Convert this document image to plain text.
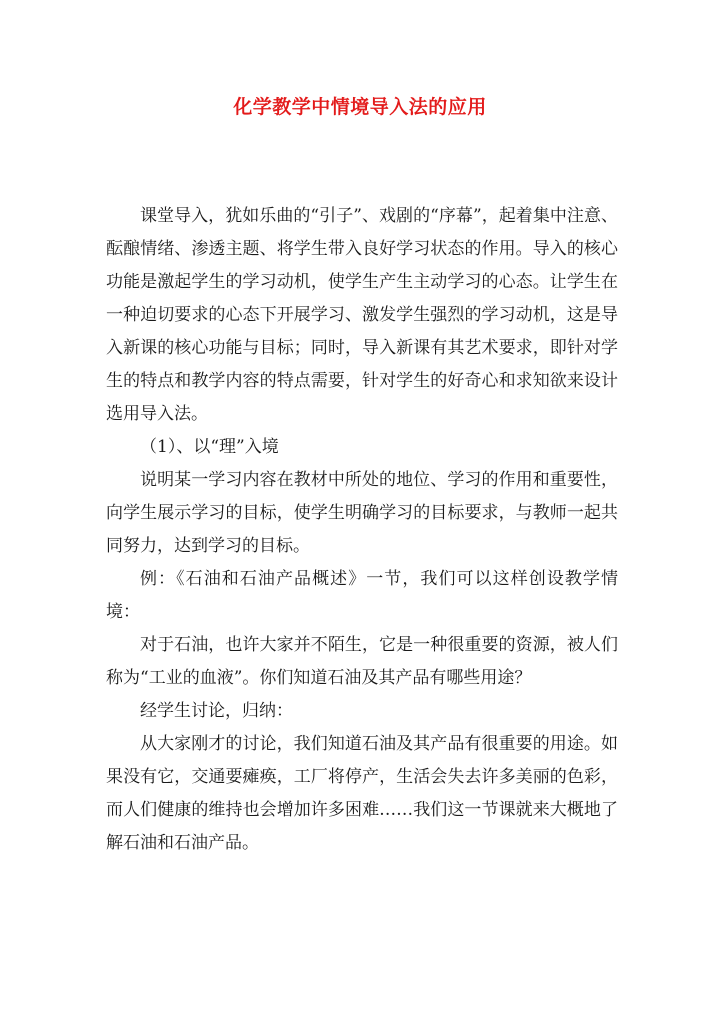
化学教学中情境导入法的应用

课堂导入，犹如乐曲的“引子”、戏剧的“序幕”，起着集中注意、酝酿情绪、渗透主题、将学生带入良好学习状态的作用。导入的核心功能是激起学生的学习动机，使学生产生主动学习的心态。让学生在一种迫切要求的心态下开展学习、激发学生强烈的学习动机，这是导入新课的核心功能与目标；同时，导入新课有其艺术要求，即针对学生的特点和教学内容的特点需要，针对学生的好奇心和求知欲来设计选用导入法。

（1）、以“理”入境

说明某一学习内容在教材中所处的地位、学习的作用和重要性，向学生展示学习的目标，使学生明确学习的目标要求，与教师一起共同努力，达到学习的目标。

例：《石油和石油产品概述》一节，我们可以这样创设教学情境：

对于石油，也许大家并不陌生，它是一种很重要的资源，被人们称为“工业的血液”。你们知道石油及其产品有哪些用途？

经学生讨论，归纳：

从大家刚才的讨论，我们知道石油及其产品有很重要的用途。如果没有它，交通要瘫痪，工厂将停产，生活会失去许多美丽的色彩，而人们健康的维持也会增加许多困难……我们这一节课就来大概地了解石油和石油产品。
